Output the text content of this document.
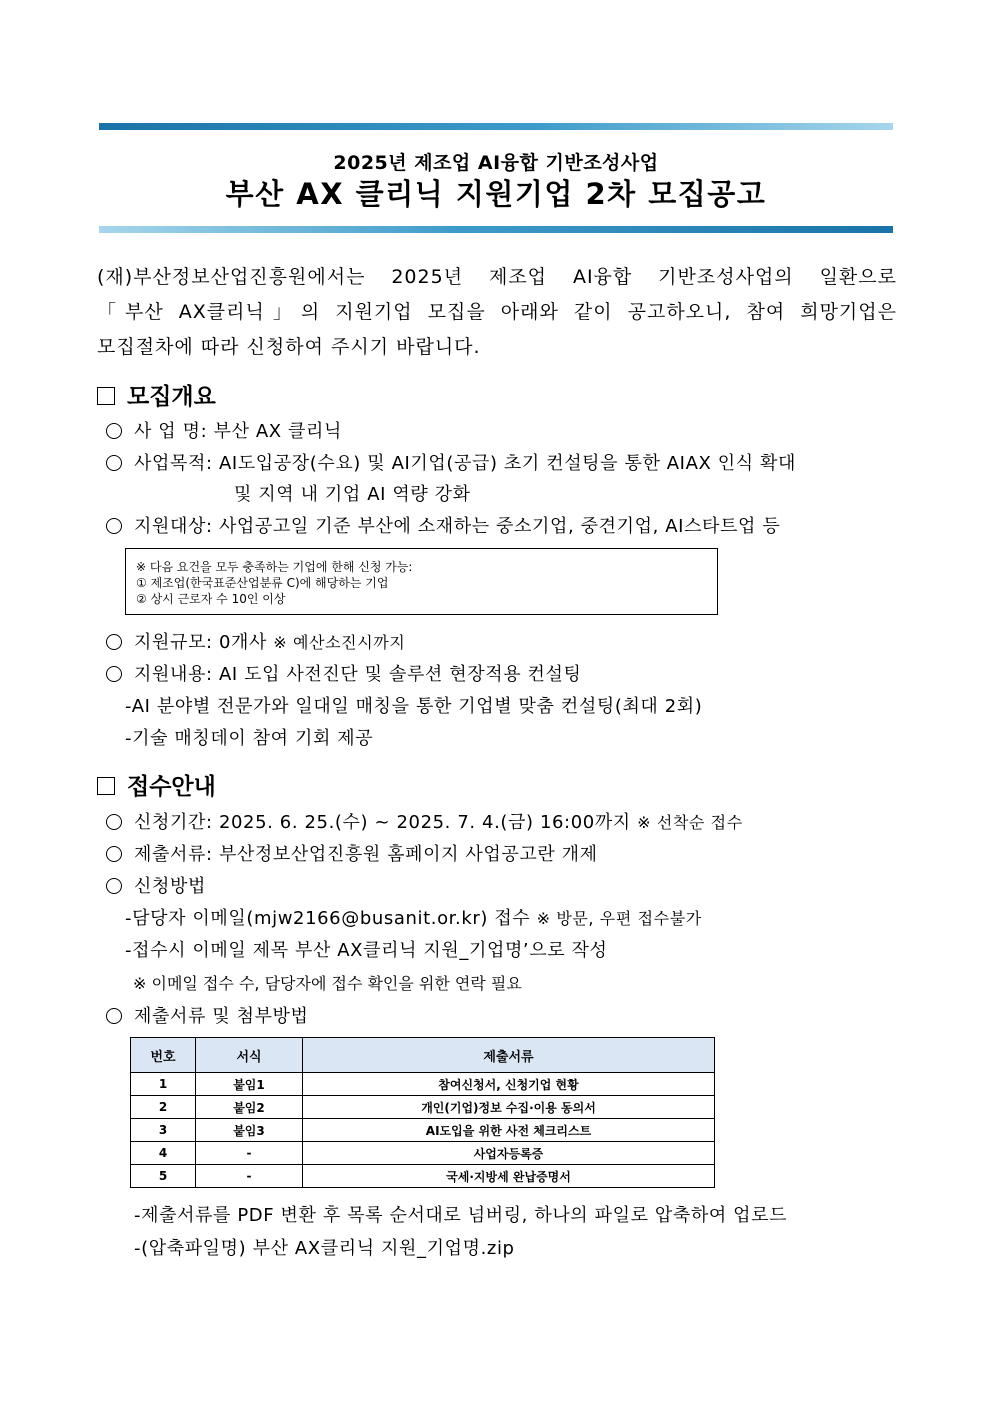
2025년 제조업 AI융합 기반조성사업
부산 AX 클리닉 지원기업 2차 모집공고
(재)부산정보산업진흥원에서는 2025년 제조업 AI융합 기반조성사업의 일환으로
「부산 AX클리닉」의 지원기업 모집을 아래와 같이 공고하오니, 참여 희망기업은
모집절차에 따라 신청하여 주시기 바랍니다.
모집개요
사 업 명: 부산 AX 클리닉
사업목적: AI도입공장(수요) 및 AI기업(공급) 초기 컨설팅을 통한 AIAX 인식 확대
및 지역 내 기업 AI 역량 강화
지원대상: 사업공고일 기준 부산에 소재하는 중소기업, 중견기업, AI스타트업 등
※ 다음 요건을 모두 충족하는 기업에 한해 신청 가능:
① 제조업(한국표준산업분류 C)에 해당하는 기업
② 상시 근로자 수 10인 이상
지원규모: 0개사 ※ 예산소진시까지
지원내용: AI 도입 사전진단 및 솔루션 현장적용 컨설팅
-AI 분야별 전문가와 일대일 매칭을 통한 기업별 맞춤 컨설팅(최대 2회)
-기술 매칭데이 참여 기회 제공
접수안내
신청기간: 2025. 6. 25.(수) ~ 2025. 7. 4.(금) 16:00까지 ※ 선착순 접수
제출서류: 부산정보산업진흥원 홈페이지 사업공고란 개제
신청방법
-담당자 이메일(mjw2166@busanit.or.kr) 접수 ※ 방문, 우편 접수불가
-접수시 이메일 제목 부산 AX클리닉 지원_기업명’으로 작성
※ 이메일 접수 수, 담당자에 접수 확인을 위한 연락 필요
제출서류 및 첨부방법
번호	서식	제출서류
1	붙임1	참여신청서, 신청기업 현황
2	붙임2	개인(기업)정보 수집·이용 동의서
3	붙임3	AI도입을 위한 사전 체크리스트
4	-	사업자등록증
5	-	국세·지방세 완납증명서
-제출서류를 PDF 변환 후 목록 순서대로 넘버링, 하나의 파일로 압축하여 업로드
-(압축파일명) 부산 AX클리닉 지원_기업명.zip
